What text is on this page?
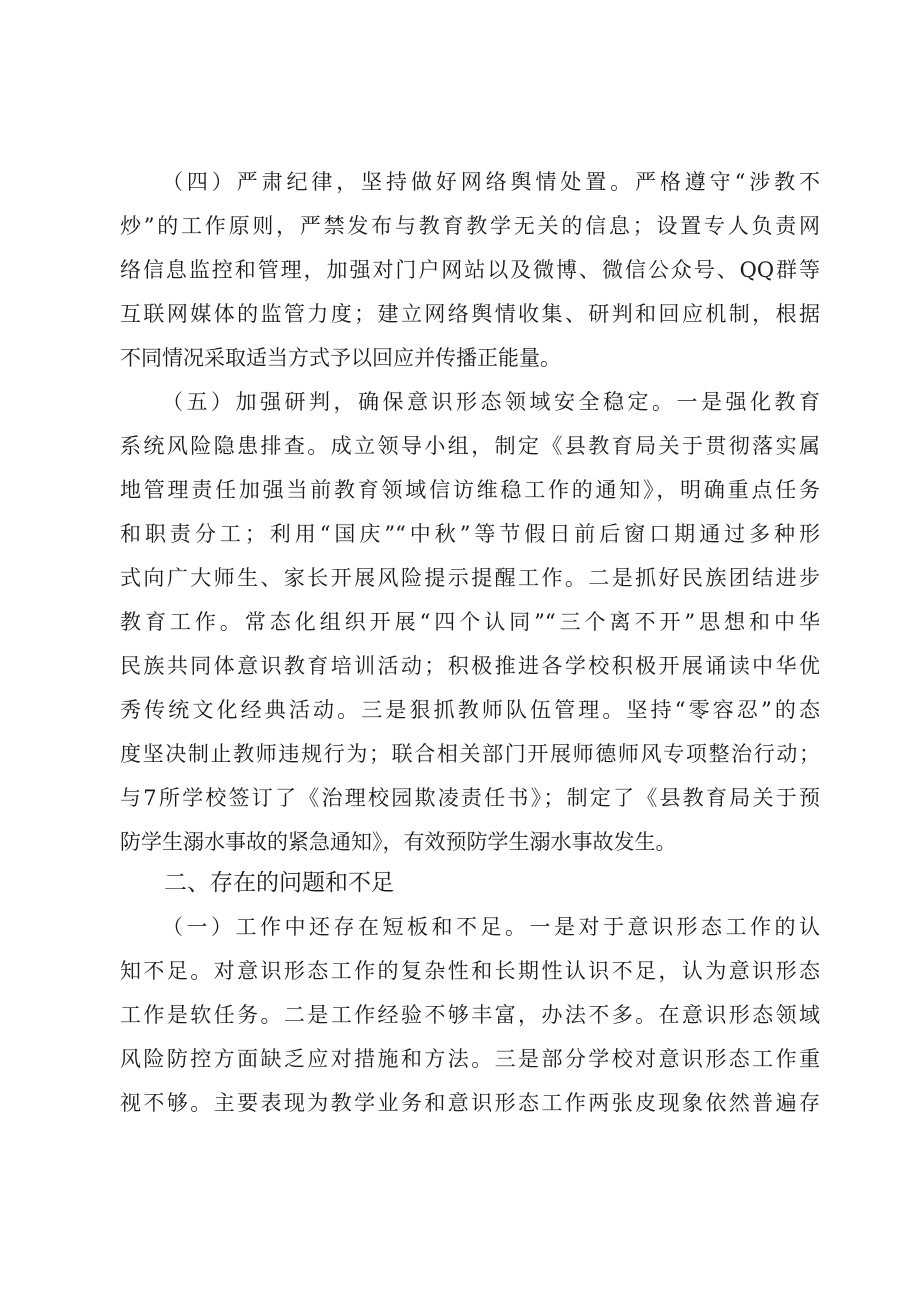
（四）严肃纪律，坚持做好网络舆情处置。严格遵守“涉教不
炒”的工作原则，严禁发布与教育教学无关的信息；设置专人负责网
络信息监控和管理，加强对门户网站以及微博、微信公众号、QQ群等
互联网媒体的监管力度；建立网络舆情收集、研判和回应机制，根据
不同情况采取适当方式予以回应并传播正能量。
（五）加强研判，确保意识形态领域安全稳定。一是强化教育
系统风险隐患排查。成立领导小组，制定《县教育局关于贯彻落实属
地管理责任加强当前教育领域信访维稳工作的通知》，明确重点任务
和职责分工；利用“国庆”“中秋”等节假日前后窗口期通过多种形
式向广大师生、家长开展风险提示提醒工作。二是抓好民族团结进步
教育工作。常态化组织开展“四个认同”“三个离不开”思想和中华
民族共同体意识教育培训活动；积极推进各学校积极开展诵读中华优
秀传统文化经典活动。三是狠抓教师队伍管理。坚持“零容忍”的态
度坚决制止教师违规行为；联合相关部门开展师德师风专项整治行动；
与7所学校签订了《治理校园欺凌责任书》；制定了《县教育局关于预
防学生溺水事故的紧急通知》，有效预防学生溺水事故发生。
二、存在的问题和不足
（一）工作中还存在短板和不足。一是对于意识形态工作的认
知不足。对意识形态工作的复杂性和长期性认识不足，认为意识形态
工作是软任务。二是工作经验不够丰富，办法不多。在意识形态领域
风险防控方面缺乏应对措施和方法。三是部分学校对意识形态工作重
视不够。主要表现为教学业务和意识形态工作两张皮现象依然普遍存
